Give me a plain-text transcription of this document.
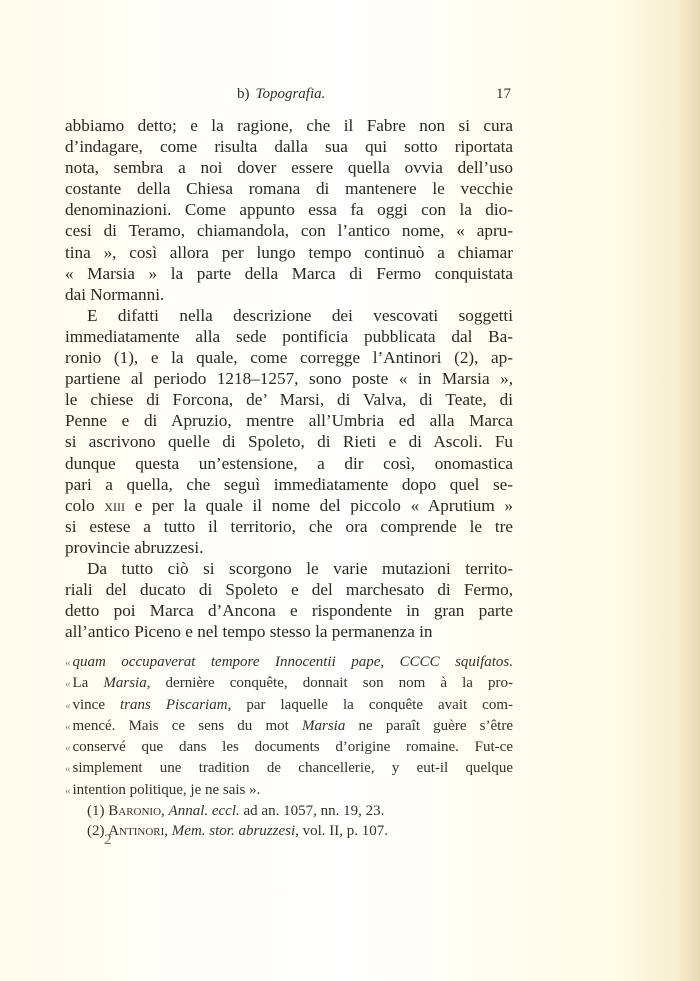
b) Topografia.	17
abbiamo detto; e la ragione, che il Fabre non si cura
d’indagare, come risulta dalla sua qui sotto riportata
nota, sembra a noi dover essere quella ovvia dell’uso
costante della Chiesa romana di mantenere le vecchie
denominazioni. Come appunto essa fa oggi con la dio-
cesi di Teramo, chiamandola, con l’antico nome, « apru-
tina », così allora per lungo tempo continuò a chiamar
« Marsia » la parte della Marca di Fermo conquistata
dai Normanni.
E difatti nella descrizione dei vescovati soggetti
immediatamente alla sede pontificia pubblicata dal Ba-
ronio (1), e la quale, come corregge l’Antinori (2), ap-
partiene al periodo 1218–1257, sono poste « in Marsia »,
le chiese di Forcona, de’ Marsi, di Valva, di Teate, di
Penne e di Apruzio, mentre all’Umbria ed alla Marca
si ascrivono quelle di Spoleto, di Rieti e di Ascoli. Fu
dunque questa un’estensione, a dir così, onomastica
pari a quella, che seguì immediatamente dopo quel se-
colo xiii e per la quale il nome del piccolo « Aprutium »
si estese a tutto il territorio, che ora comprende le tre
provincie abruzzesi.
Da tutto ciò si scorgono le varie mutazioni territo-
riali del ducato di Spoleto e del marchesato di Fermo,
detto poi Marca d’Ancona e rispondente in gran parte
all’antico Piceno e nel tempo stesso la permanenza in
« quam occupaverat tempore Innocentii pape, CCCC squifatos.
« La Marsia, dernière conquête, donnait son nom à la pro-
« vince trans Piscariam, par laquelle la conquête avait com-
« mencé. Mais ce sens du mot Marsia ne paraît guère s’être
« conservé que dans les documents d’origine romaine. Fut-ce
« simplement une tradition de chancellerie, y eut-il quelque
« intention politique, je ne sais ».
(1) Baronio, Annal. eccl. ad an. 1057, nn. 19, 23.
(2) Antinori, Mem. stor. abruzzesi, vol. II, p. 107.
2
